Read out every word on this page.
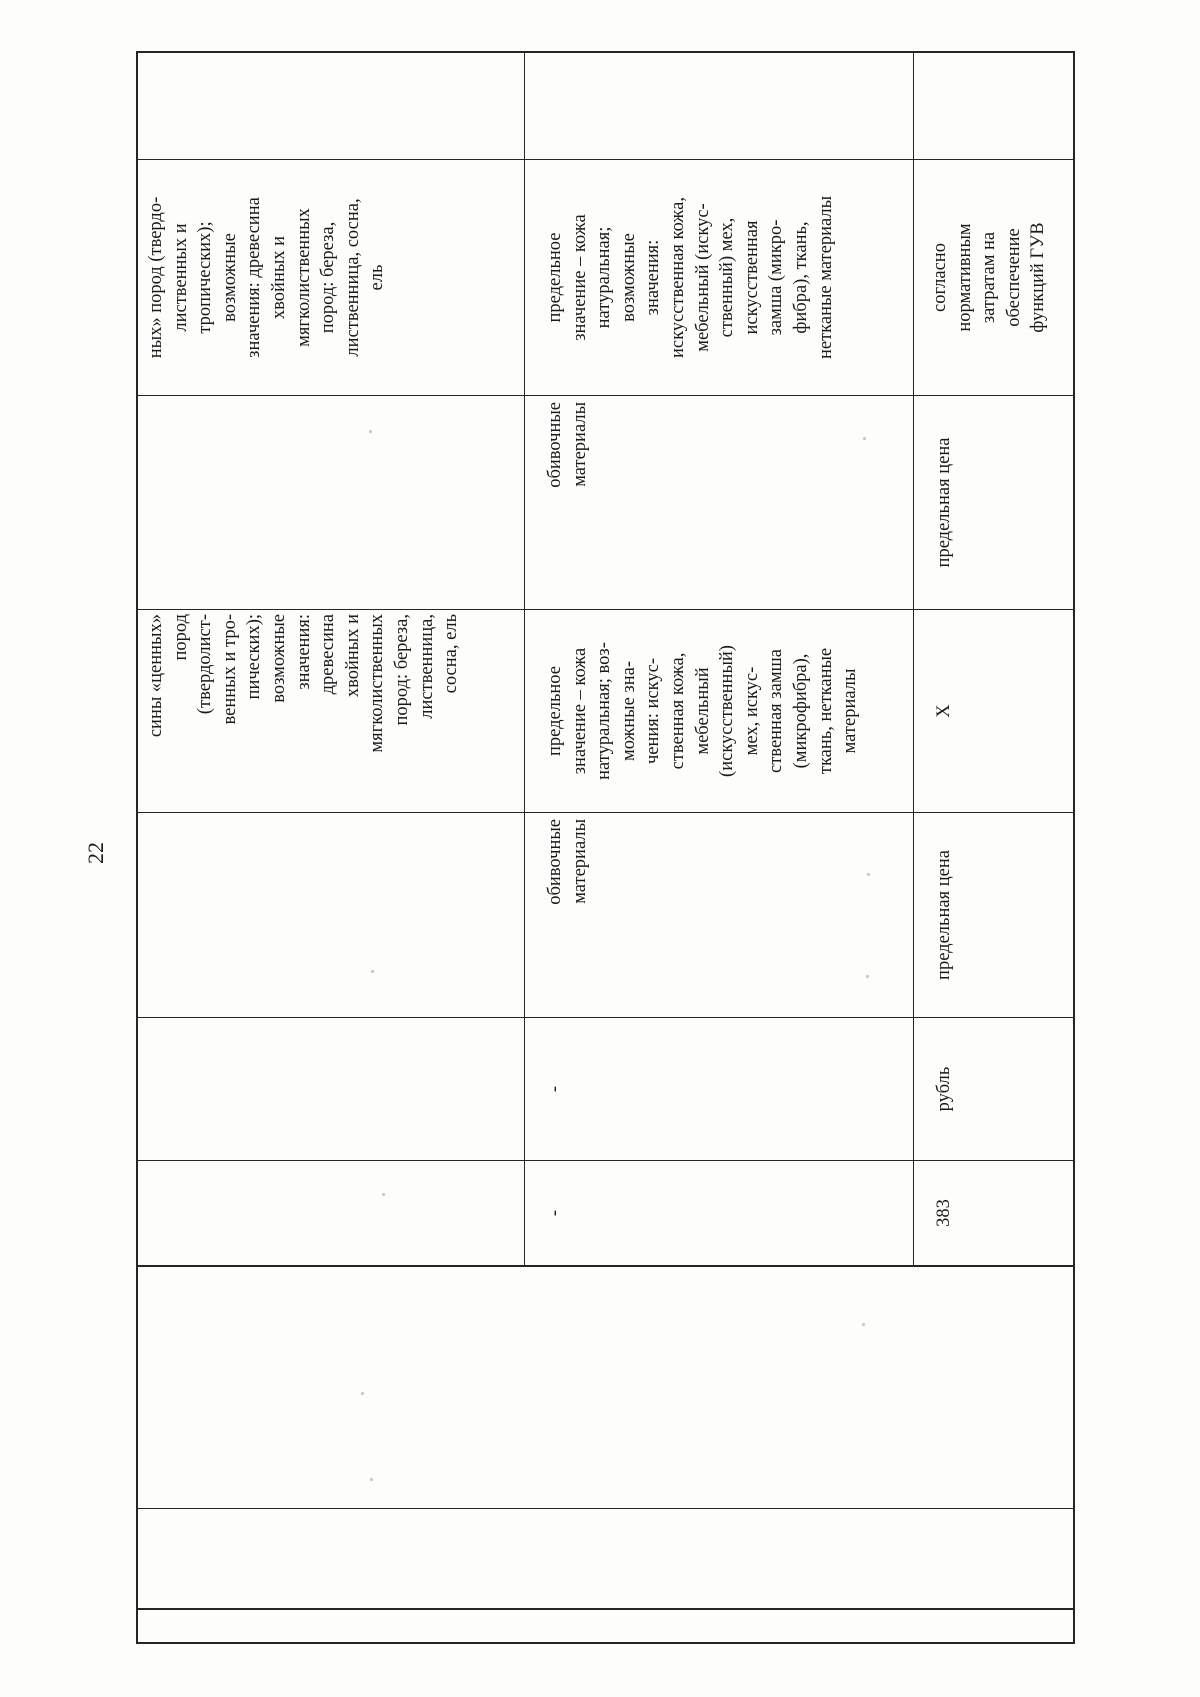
22
сины «ценных»
пород
(твердолист-
венных и тро-
пических);
возможные
значения:
древесина
хвойных и
мягколиственных
пород: береза,
лиственница,
сосна, ель
ных» пород (твердо-
лиственных и
тропических);
возможные
значения: древесина
хвойных и
мягколиственных
пород: береза,
лиственница, сосна,
ель
-
-
обивочные
материалы
предельное
значение – кожа
натуральная; воз-
можные зна-
чения: искус-
ственная кожа,
мебельный
(искусственный)
мех, искус-
ственная замша
(микрофибра),
ткань, нетканые
материалы
обивочные
материалы
предельное
значение – кожа
натуральная;
возможные
значения:
искусственная кожа,
мебельный (искус-
ственный) мех,
искусственная
замша (микро-
фибра), ткань,
нетканые материалы
383
рубль
предельная цена
Х
предельная цена
согласно
нормативным
затратам на
обеспечение
функций ГУВ
